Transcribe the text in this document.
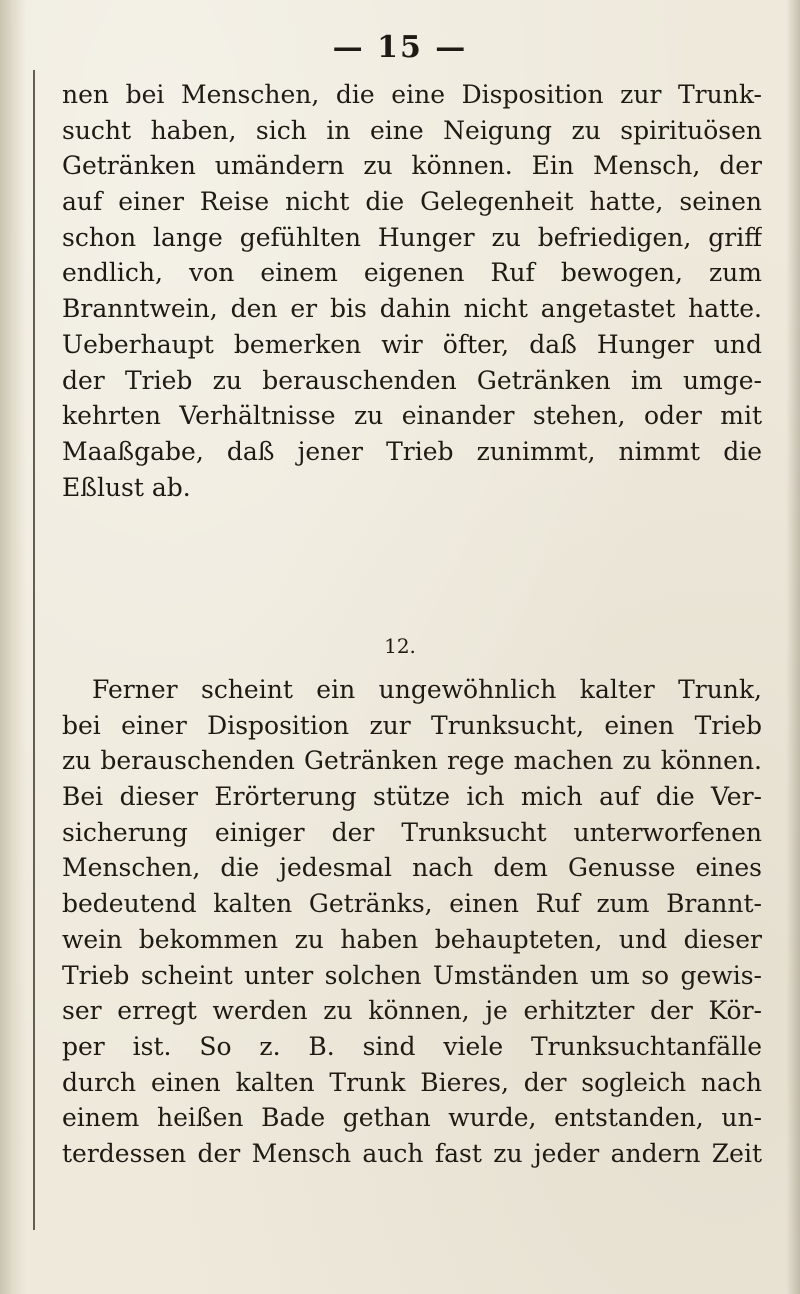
— 15 —
nen bei Menschen, die eine Disposition zur Trunk-
sucht haben, sich in eine Neigung zu spirituösen
Getränken umändern zu können. Ein Mensch, der
auf einer Reise nicht die Gelegenheit hatte, seinen
schon lange gefühlten Hunger zu befriedigen, griff
endlich, von einem eigenen Ruf bewogen, zum
Branntwein, den er bis dahin nicht angetastet hatte.
Ueberhaupt bemerken wir öfter, daß Hunger und
der Trieb zu berauschenden Getränken im umge-
kehrten Verhältnisse zu einander stehen, oder mit
Maaßgabe, daß jener Trieb zunimmt, nimmt die
Eßlust ab.
12.
Ferner scheint ein ungewöhnlich kalter Trunk,
bei einer Disposition zur Trunksucht, einen Trieb
zu berauschenden Getränken rege machen zu können.
Bei dieser Erörterung stütze ich mich auf die Ver-
sicherung einiger der Trunksucht unterworfenen
Menschen, die jedesmal nach dem Genusse eines
bedeutend kalten Getränks, einen Ruf zum Brannt-
wein bekommen zu haben behaupteten, und dieser
Trieb scheint unter solchen Umständen um so gewis-
ser erregt werden zu können, je erhitzter der Kör-
per ist. So z. B. sind viele Trunksuchtanfälle
durch einen kalten Trunk Bieres, der sogleich nach
einem heißen Bade gethan wurde, entstanden, un-
terdessen der Mensch auch fast zu jeder andern Zeit
